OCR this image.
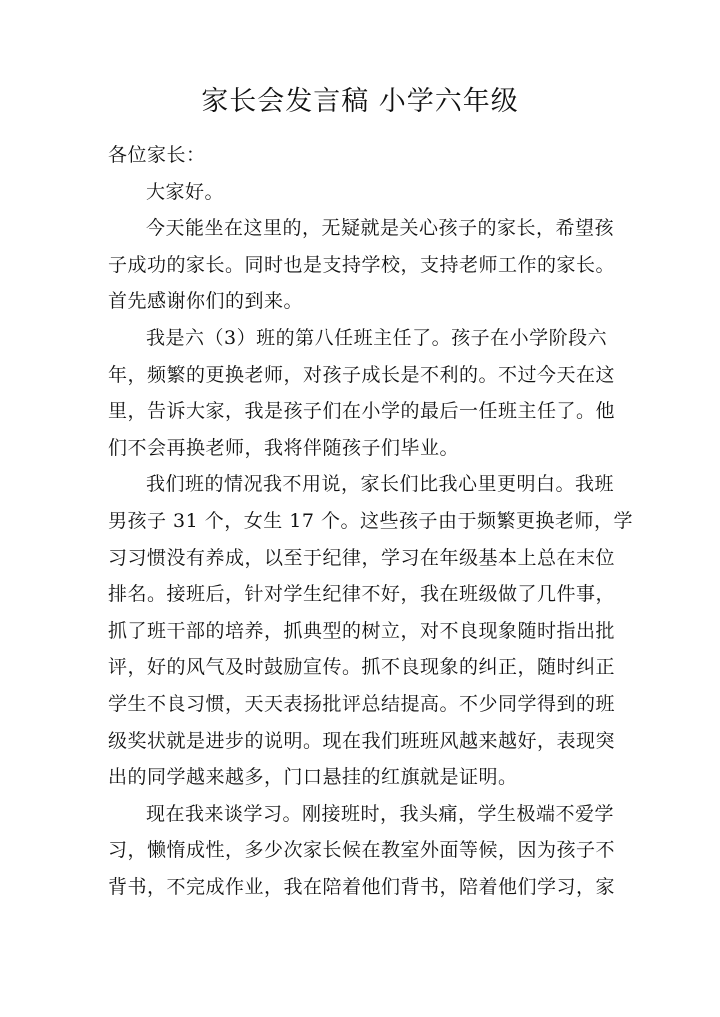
家长会发言稿 小学六年级
各位家长：
大家好。
今天能坐在这里的，无疑就是关心孩子的家长，希望孩
子成功的家长。同时也是支持学校，支持老师工作的家长。
首先感谢你们的到来。
我是六（3）班的第八任班主任了。孩子在小学阶段六
年，频繁的更换老师，对孩子成长是不利的。不过今天在这
里，告诉大家，我是孩子们在小学的最后一任班主任了。他
们不会再换老师，我将伴随孩子们毕业。
我们班的情况我不用说，家长们比我心里更明白。我班
男孩子 31 个，女生 17 个。这些孩子由于频繁更换老师，学
习习惯没有养成，以至于纪律，学习在年级基本上总在末位
排名。接班后，针对学生纪律不好，我在班级做了几件事，
抓了班干部的培养，抓典型的树立，对不良现象随时指出批
评，好的风气及时鼓励宣传。抓不良现象的纠正，随时纠正
学生不良习惯，天天表扬批评总结提高。不少同学得到的班
级奖状就是进步的说明。现在我们班班风越来越好，表现突
出的同学越来越多，门口悬挂的红旗就是证明。
现在我来谈学习。刚接班时，我头痛，学生极端不爱学
习，懒惰成性，多少次家长候在教室外面等候，因为孩子不
背书，不完成作业，我在陪着他们背书，陪着他们学习，家
